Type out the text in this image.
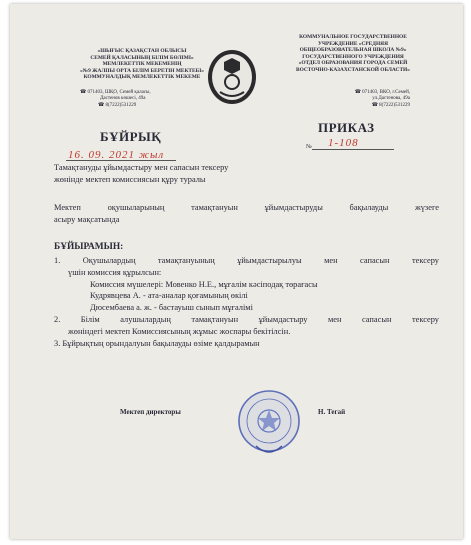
«ШЫҒЫС ҚАЗАҚСТАН ОБЛЫСЫ
СЕМЕЙ ҚАЛАСЫНЫҢ БІЛІМ БӨЛІМІ»
МЕМЛЕКЕТТІК МЕКЕМЕНІҢ
«№9 ЖАЛПЫ ОРТА БІЛІМ БЕРЕТІН МЕКТЕБІ»
КОММУНАЛДЫҚ МЕМЛЕКЕТТІК МЕКЕМЕ
☎ 071403, ШҚО, Семей қаласы,
Дастенов көшесі, 49а
☎ 8(7222)531229
КОММУНАЛЬНОЕ ГОСУДАРСТВЕННОЕ
УЧРЕЖДЕНИЕ «СРЕДНЯЯ
ОБЩЕОБРАЗОВАТЕЛЬНАЯ ШКОЛА №9»
ГОСУДАРСТВЕННОГО УЧРЕЖДЕНИЯ
«ОТДЕЛ ОБРАЗОВАНИЯ ГОРОДА СЕМЕЙ
ВОСТОЧНО-КАЗАХСТАНСКОЙ ОБЛАСТИ»
☎ 071403, ВКО, г.Семей,
ул.Дастенова, 49а
☎ 8(7222)531229
БҰЙРЫҚ
ПРИКАЗ
16. 09. 2021 жыл
№ 1-108
Тамақтануды ұйымдастыру мен сапасын тексеру
жөнінде мектеп комиссиясын құру туралы
Мектеп оқушыларының тамақтануын ұйымдастыруды бақылауды жүзеге
асыру мақсатында
БҰЙЫРАМЫН:
1. Оқушылардың тамақтануының ұйымдастырылуы мен сапасын тексеру
үшін комиссия құрылсын:
Комиссия мүшелері: Мовенко Н.Е., мұғалім кәсіподақ төрағасы
Кудрявцева А. - ата-аналар қоғамының өкілі
Дюсембаева а. ж. - бастауыш сынып мұғалімі
2. Білім алушылардың тамақтануын ұйымдастыру мен сапасын тексеру
жөніндегі мектеп Комиссиясының жұмыс жоспары бекітілсін.
3. Бұйрықтың орындалуын бақылауды өзіме қалдырамын
Мектеп директоры	Н. Тегай
